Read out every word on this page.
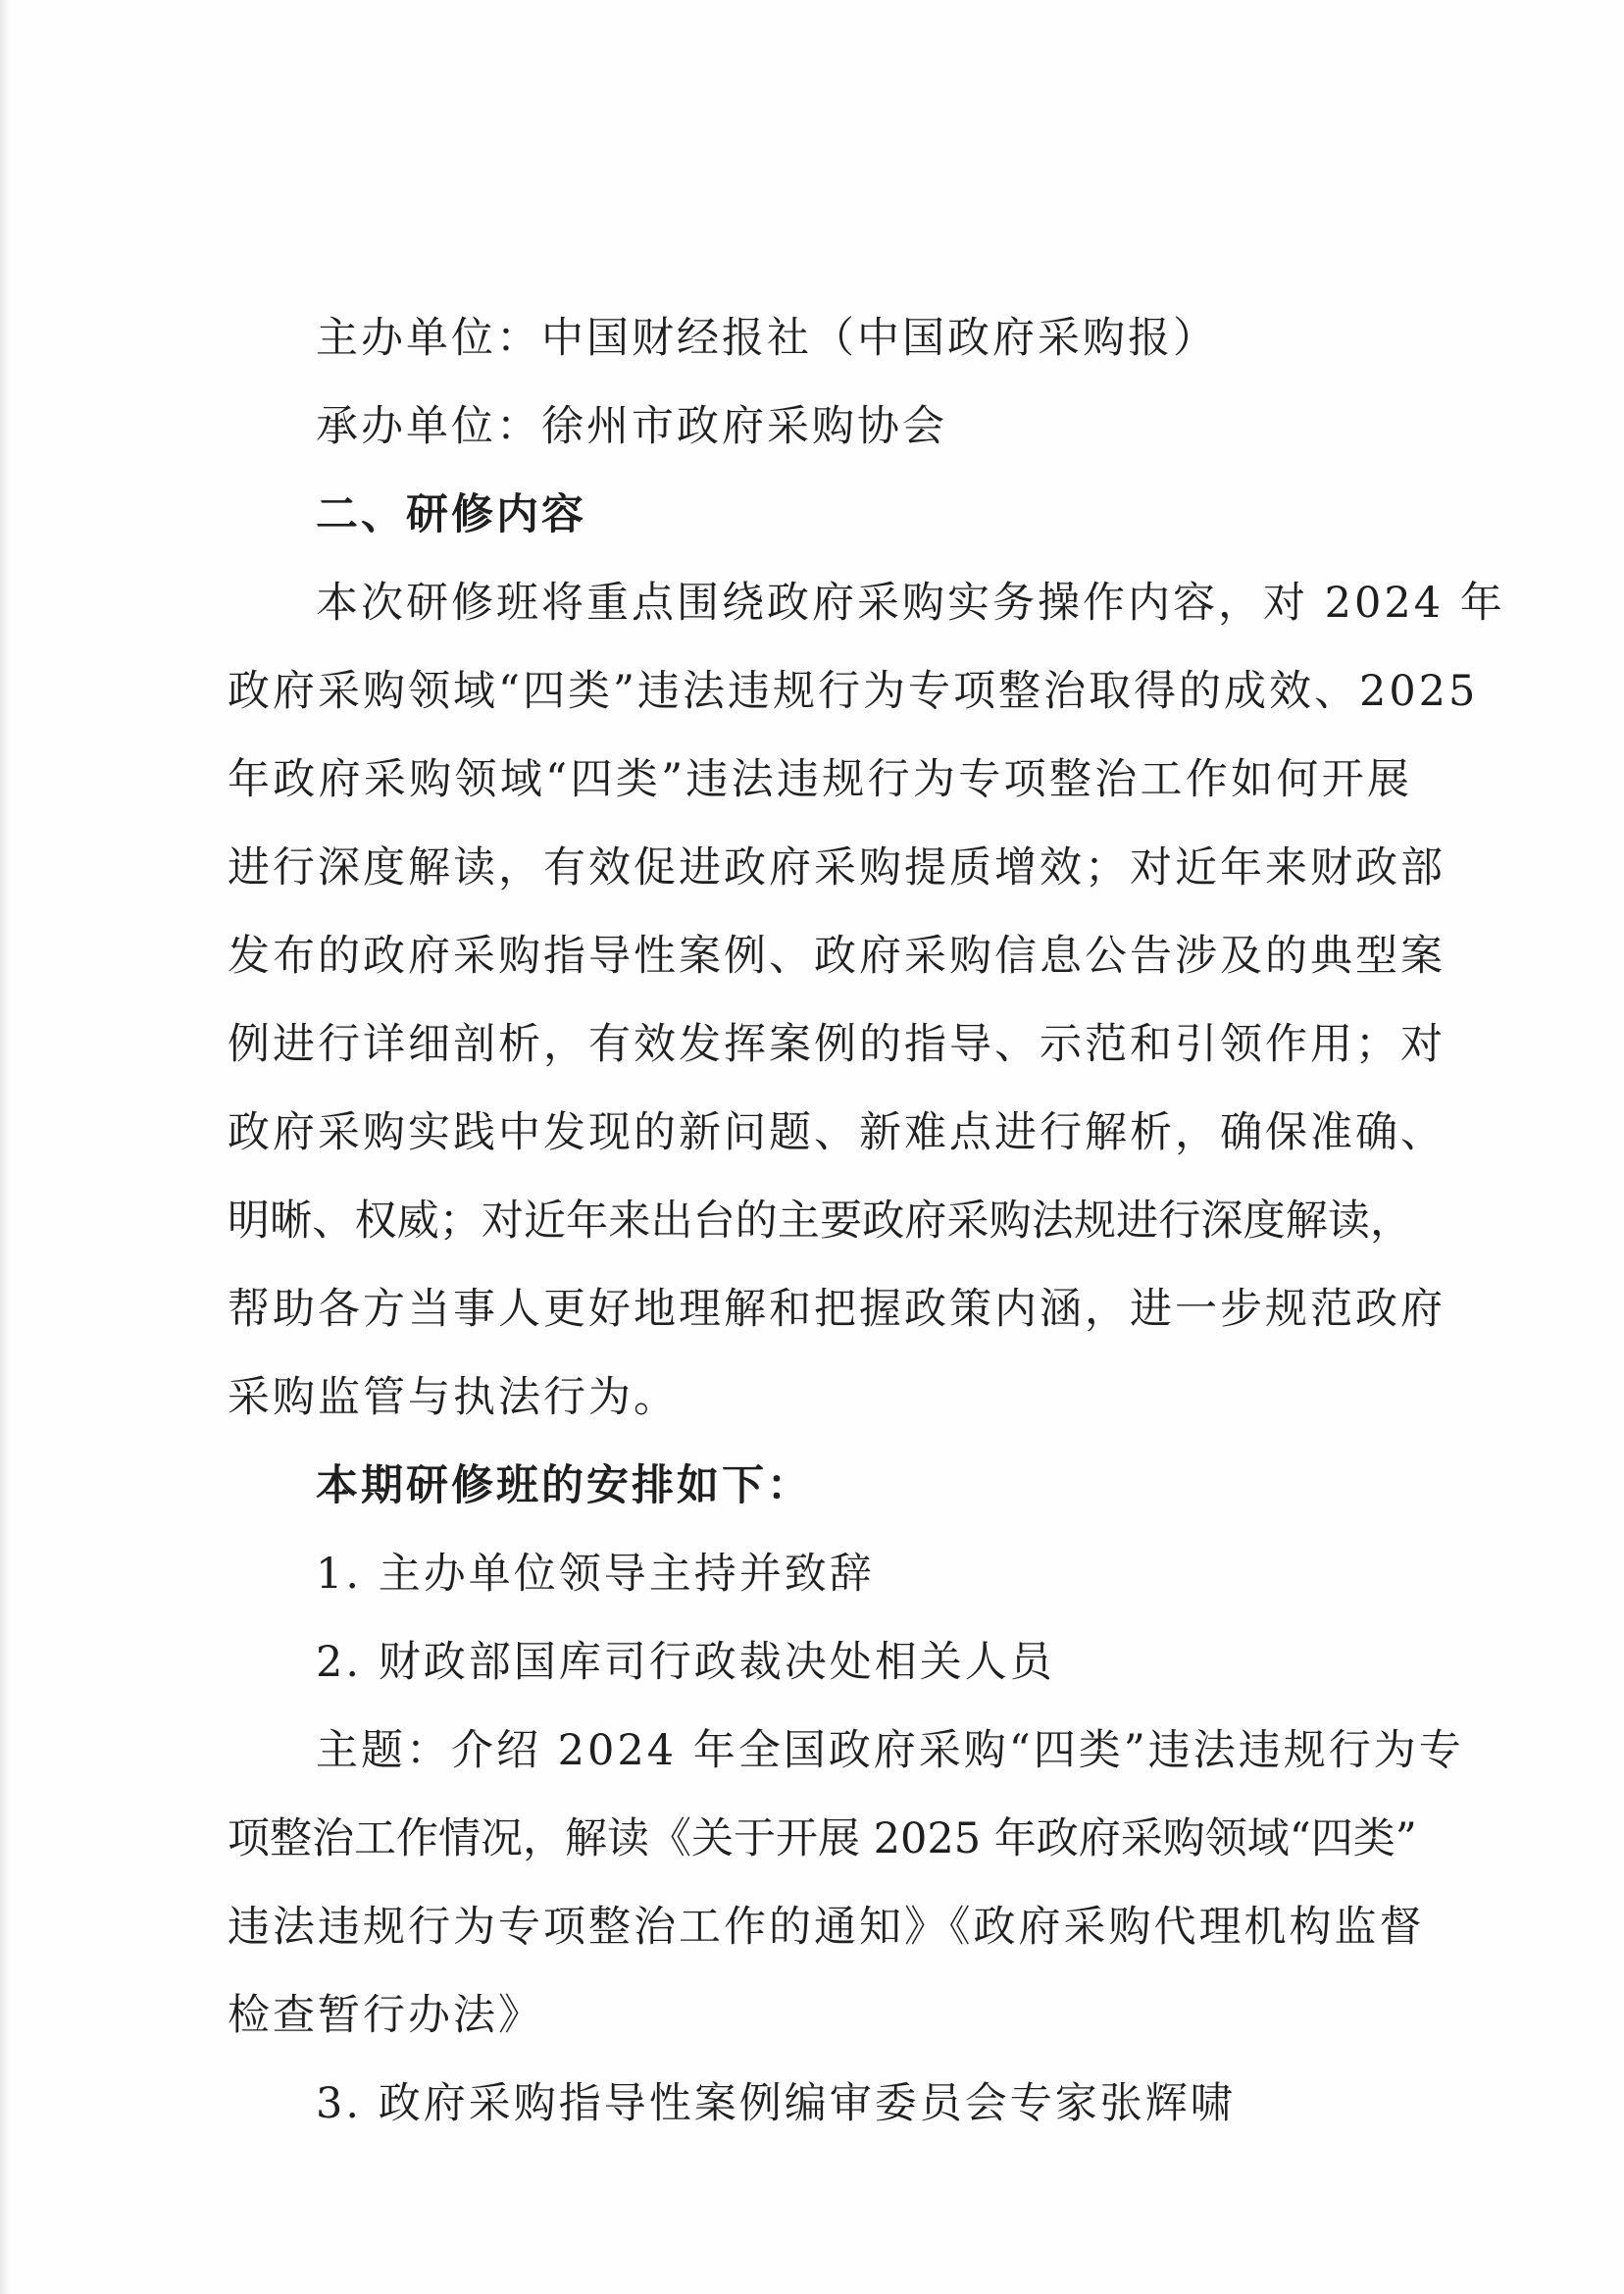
主办单位：中国财经报社（中国政府采购报）
承办单位：徐州市政府采购协会
二、研修内容
本次研修班将重点围绕政府采购实务操作内容，对 2024 年
政府采购领域“四类”违法违规行为专项整治取得的成效、2025
年政府采购领域“四类”违法违规行为专项整治工作如何开展
进行深度解读，有效促进政府采购提质增效；对近年来财政部
发布的政府采购指导性案例、政府采购信息公告涉及的典型案
例进行详细剖析，有效发挥案例的指导、示范和引领作用；对
政府采购实践中发现的新问题、新难点进行解析，确保准确、
明晰、权威；对近年来出台的主要政府采购法规进行深度解读，
帮助各方当事人更好地理解和把握政策内涵，进一步规范政府
采购监管与执法行为。
本期研修班的安排如下：
1. 主办单位领导主持并致辞
2. 财政部国库司行政裁决处相关人员
主题：介绍 2024 年全国政府采购“四类”违法违规行为专
项整治工作情况，解读《关于开展 2025 年政府采购领域“四类”
违法违规行为专项整治工作的通知》《政府采购代理机构监督
检查暂行办法》
3. 政府采购指导性案例编审委员会专家张辉啸
